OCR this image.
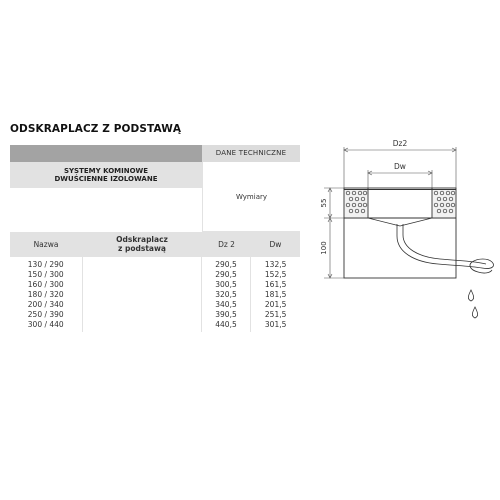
ODSKRAPLACZ Z PODSTAWĄ
DANE TECHNICZNE
SYSTEMY KOMINOWE
DWUŚCIENNE IZOLOWANE
Wymiary
Nazwa
Odskraplacz
z podstawą	Dz 2	Dw
130 / 290
150 / 300
160 / 300
180 / 320
200 / 340
250 / 390
300 / 440
290,5
290,5
300,5
320,5
340,5
390,5
440,5
132,5
152,5
161,5
181,5
201,5
251,5
301,5
Dz2
Dw
55
100
